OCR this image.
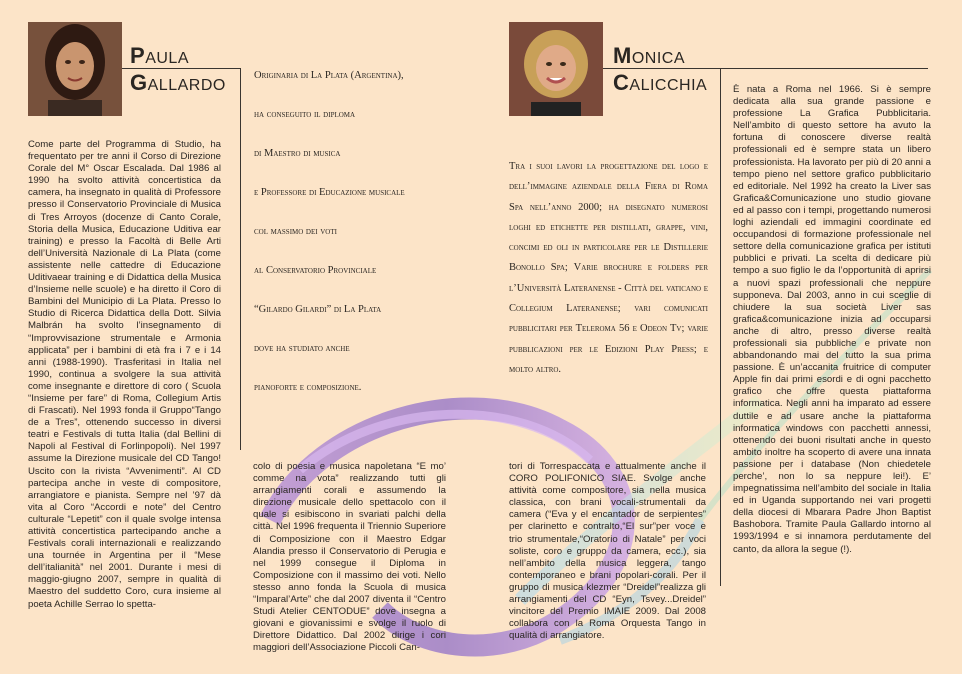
PAULA
GALLARDO

Originaria di La Plata (Argentina),

ha conseguito il diploma

di Maestro di musica

e Professore di Educazione musicale

col massimo dei voti

al Conservatorio Provinciale

“Gilardo Gilardi” di La Plata

dove ha studiato anche

pianoforte e composizione.

Come parte del Programma di Studio, ha frequentato per tre anni il Corso di Direzione Corale del M° Oscar Escalada. Dal 1986 al 1990 ha svolto attività concertistica da camera, ha insegnato in qualità di Professore presso il Conservatorio Provinciale di Musica di Tres Arroyos (docenze di Canto Corale, Storia della Musica, Educazione Uditiva ear training) e presso la Facoltà di Belle Arti dell’Università Nazionale di La Plata (come assistente nelle cattedre di Educazione Uditivaear training e di Didattica della Musica d’Insieme nelle scuole) e ha diretto il Coro di Bambini del Municipio di La Plata. Presso lo Studio di Ricerca Didattica della Dott. Silvia Malbrán ha svolto l’insegnamento di “Improvvisazione strumentale e Armonia applicata” per i bambini di età fra i 7 e i 14 anni (1988-1990). Trasferitasi in Italia nel 1990, continua a svolgere la sua attività come insegnante e direttore di coro ( Scuola “Insieme per fare” di Roma, Collegium Artis di Frascati). Nel 1993 fonda il Gruppo“Tango de a Tres”, ottenendo successo in diversi teatri e Festivals di tutta Italia (dal Bellini di Napoli al Festival di Forlinpopoli). Nel 1997 assume la Direzione musicale del CD Tango! Uscito con la rivista “Avvenimenti”. Al CD partecipa anche in veste di compositore, arrangiatore e pianista. Sempre nel ’97 dà vita al Coro “Accordi e note” del Centro culturale “Lepetit” con il quale svolge intensa attività concertistica partecipando anche a Festivals corali internazionali e realizzando una tournée in Argentina per il “Mese dell’italianità” nel 2001. Durante i mesi di maggio-giugno 2007, sempre in qualità di Maestro del suddetto Coro, cura insieme al poeta Achille Serrao lo spetta-
colo di poesia e musica napoletana “E mo’ comme na vota” realizzando tutti gli arrangiamenti corali e assumendo la direzione musicale dello spettacolo con il quale si esibiscono in svariati palchi della città. Nel 1996 frequenta il Triennio Superiore di Composizione con il Maestro Edgar Alandia presso il Conservatorio di Perugia e nel 1999 consegue il Diploma in Composizione con il massimo dei voti. Nello stesso anno fonda la Scuola di musica “Imparal’Arte” che dal 2007 diventa il “Centro Studi Atelier CENTODUE” dove insegna a giovani e giovanissimi e svolge il ruolo di Direttore Didattico. Dal 2002 dirige i cori maggiori dell’Associazione Piccoli Can-
tori di Torrespaccata e attualmente anche il CORO POLIFONICO SIAE. Svolge anche attività come compositore, sia nella musica classica, con brani vocali-strumentali da camera (“Eva y el encantador de serpientes” per clarinetto e contralto,“El sur”per voce e trio strumentale,“Oratorio di Natale” per voci soliste, coro e gruppo da camera, ecc.), sia nell’ambito della musica leggera, tango contemporaneo e brani popolari-corali. Per il gruppo di musica klezmer “Dreidel”realizza gli arrangiamenti del CD “Eyn, Tsvey...Dreidel” vincitore del Premio IMAIE 2009. Dal 2008 collabora con la Roma Orquesta Tango in qualità di arrangiatore.
MONICA
CALICCHIA
Tra i suoi lavori la progettazione del logo e dell’immagine aziendale della Fiera di Roma Spa nell’anno 2000; ha disegnato numerosi loghi ed etichette per distillati, grappe, vini, concimi ed oli in particolare per le Distillerie Bonollo Spa; Varie brochure e folders per l’Università Lateranense - Città del vaticano e Collegium Lateranense; vari comunicati pubblicitari per Teleroma 56 e Odeon Tv; varie pubblicazioni per le Edizioni Play Press; e molto altro.
È nata a Roma nel 1966. Si è sempre dedicata alla sua grande passione e professione La Grafica Pubblicitaria. Nell’ambito di questo settore ha avuto la fortuna di conoscere diverse realtà professionali ed è sempre stata un libero professionista. Ha lavorato per più di 20 anni a tempo pieno nel settore grafico pubblicitario ed editoriale. Nel 1992 ha creato la Liver sas Grafica&Comunicazione uno studio giovane ed al passo con i tempi, progettando numerosi loghi aziendali ed immagini coordinate ed occupandosi di formazione professionale nel settore della comunicazione grafica per istituti pubblici e privati. La scelta di dedicare più tempo a suo figlio le da l’opportunità di aprirsi a nuovi spazi professionali che neppure supponeva. Dal 2003, anno in cui sceglie di chiudere la sua società Liver sas grafica&comunicazione inizia ad occuparsi anche di altro, presso diverse realtà professionali sia pubbliche e private non abbandonando mai del tutto la sua prima passione. È un’accanita fruitrice di computer Apple fin dai primi esordi e di ogni pacchetto grafico che offre questa piattaforma informatica. Negli anni ha imparato ad essere duttile e ad usare anche la piattaforma informatica windows con pacchetti annessi, ottenendo dei buoni risultati anche in questo ambito inoltre ha scoperto di avere una innata passione per i database (Non chiedetele perche’, non lo sa neppure lei!). E’ impegnatissima nell’ambito del sociale in Italia ed in Uganda supportando nei vari progetti della diocesi di Mbarara Padre Jhon Baptist Bashobora. Tramite Paula Gallardo intorno al 1993/1994 e si innamora perdutamente del canto, da allora la segue (!).
